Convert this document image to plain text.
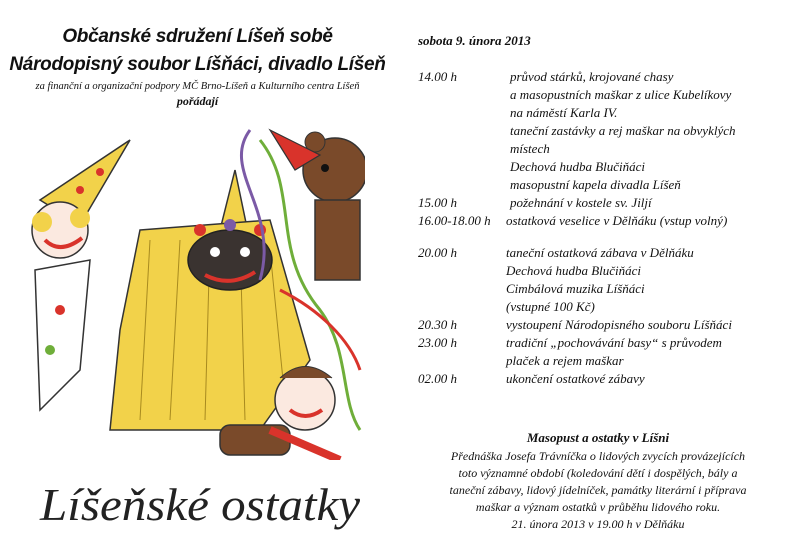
Občanské sdružení Líšeň sobě
Národopisný soubor Líšňáci, divadlo Líšeň
za finanční a organizační podpory MČ Brno-Líšeň a Kulturního centra Líšeň
pořádají
Líšeňské ostatky
sobota 9. února 2013
14.00 h	průvod stárků, krojované chasy
a masopustních maškar z ulice Kubelíkovy
na náměstí Karla IV.
taneční zastávky a rej maškar na obvyklých
místech
Dechová hudba Blučiňáci
masopustní kapela divadla Líšeň
15.00 h	požehnání v kostele sv. Jiljí
16.00-18.00 h ostatková veselice v Dělňáku (vstup volný)
20.00 h	taneční ostatková zábava v Dělňáku
Dechová hudba Blučiňáci
Cimbálová muzika Líšňáci
(vstupné 100 Kč)
20.30 h	vystoupení Národopisného souboru Líšňáci
23.00 h	tradiční „pochovávání basy“ s průvodem
plaček a rejem maškar
02.00 h	ukončení ostatkové zábavy
Masopust a ostatky v Líšni
Přednáška Josefa Trávníčka o lidových zvycích provázejících
toto významné období (koledování dětí i dospělých, bály a
taneční zábavy, lidový jídelníček, památky literární i příprava
maškar a význam ostatků v průběhu lidového roku.
21. února 2013 v 19.00 h v Dělňáku
